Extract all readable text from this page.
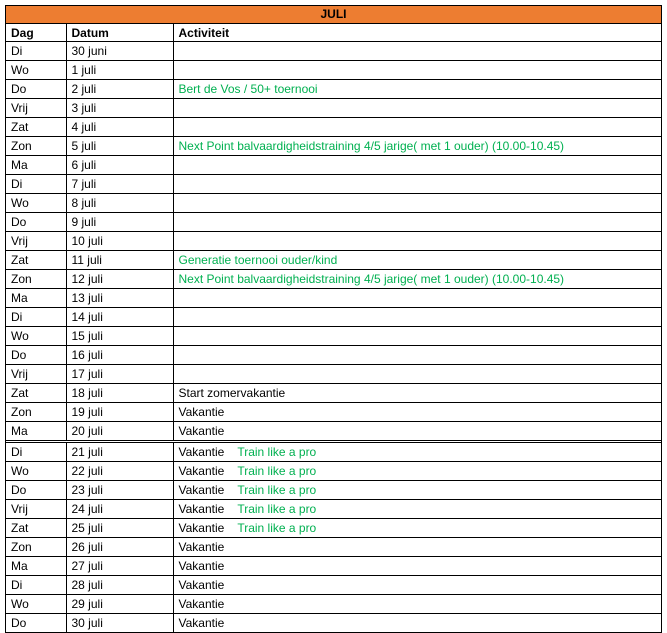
JULI
Dag	Datum	Activiteit
Di	30 juni	
Wo	1 juli	
Do	2 juli	Bert de Vos / 50+ toernooi
Vrij	3 juli	
Zat	4 juli	
Zon	5 juli	Next Point balvaardigheidstraining 4/5 jarige( met 1 ouder) (10.00-10.45)
Ma	6 juli	
Di	7 juli	
Wo	8 juli	
Do	9 juli	
Vrij	10 juli	
Zat	11 juli	Generatie toernooi ouder/kind
Zon	12 juli	Next Point balvaardigheidstraining 4/5 jarige( met 1 ouder) (10.00-10.45)
Ma	13 juli	
Di	14 juli	
Wo	15 juli	
Do	16 juli	
Vrij	17 juli	
Zat	18 juli	Start zomervakantie
Zon	19 juli	Vakantie
Ma	20 juli	Vakantie
Di	21 juli	Vakantie Train like a pro
Wo	22 juli	Vakantie Train like a pro
Do	23 juli	Vakantie Train like a pro
Vrij	24 juli	Vakantie Train like a pro
Zat	25 juli	Vakantie Train like a pro
Zon	26 juli	Vakantie
Ma	27 juli	Vakantie
Di	28 juli	Vakantie
Wo	29 juli	Vakantie
Do	30 juli	Vakantie
